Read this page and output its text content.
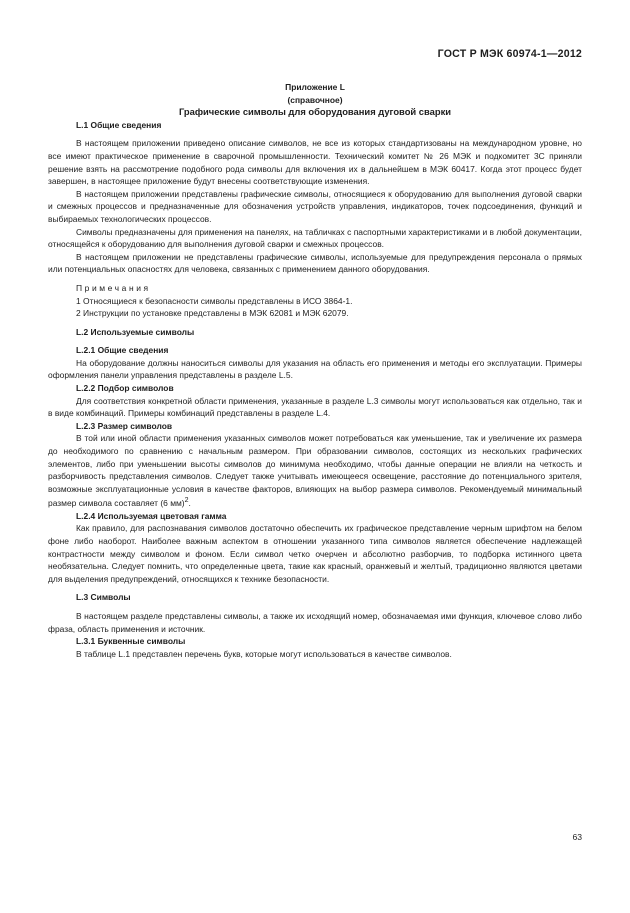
ГОСТ Р МЭК 60974-1—2012

Приложение L

(справочное)

Графические символы для оборудования дуговой сварки

L.1 Общие сведения

В настоящем приложении приведено описание символов, не все из которых стандартизованы на международном уровне, но все имеют практическое применение в сварочной промышленности. Технический комитет № 26 МЭК и подкомитет 3С приняли решение взять на рассмотрение подобного рода символы для включения их в дальнейшем в МЭК 60417. Когда этот процесс будет завершен, в настоящее приложение будут внесены соответствующие изменения.

В настоящем приложении представлены графические символы, относящиеся к оборудованию для выполнения дуговой сварки и смежных процессов и предназначенные для обозначения устройств управления, индикаторов, точек подсоединения, функций и выбираемых технологических процессов.

Символы предназначены для применения на панелях, на табличках с паспортными характеристиками и в любой документации, относящейся к оборудованию для выполнения дуговой сварки и смежных процессов.

В настоящем приложении не представлены графические символы, используемые для предупреждения персонала о прямых или потенциальных опасностях для человека, связанных с применением данного оборудования.

Примечания

1 Относящиеся к безопасности символы представлены в ИСО 3864-1.

2 Инструкции по установке представлены в МЭК 62081 и МЭК 62079.

L.2 Используемые символы

L.2.1 Общие сведения

На оборудование должны наноситься символы для указания на область его применения и методы его эксплуатации. Примеры оформления панели управления представлены в разделе L.5.

L.2.2 Подбор символов

Для соответствия конкретной области применения, указанные в разделе L.3 символы могут использоваться как отдельно, так и в виде комбинаций. Примеры комбинаций представлены в разделе L.4.

L.2.3 Размер символов

В той или иной области применения указанных символов может потребоваться как уменьшение, так и увеличение их размера до необходимого по сравнению с начальным размером. При образовании символов, состоящих из нескольких графических элементов, либо при уменьшении высоты символов до минимума необходимо, чтобы данные операции не влияли на четкость и разборчивость представления символов. Следует также учитывать имеющееся освещение, расстояние до потенциального зрителя, возможные эксплуатационные условия в качестве факторов, влияющих на выбор размера символов. Рекомендуемый минимальный размер символа составляет (6 мм)$^2$.

L.2.4 Используемая цветовая гамма

Как правило, для распознавания символов достаточно обеспечить их графическое представление черным шрифтом на белом фоне либо наоборот. Наиболее важным аспектом в отношении указанного типа символов является обеспечение надлежащей контрастности между символом и фоном. Если символ четко очерчен и абсолютно разборчив, то подборка истинного цвета необязательна. Следует помнить, что определенные цвета, такие как красный, оранжевый и желтый, традиционно являются цветами для выделения предупреждений, относящихся к технике безопасности.

L.3 Символы

В настоящем разделе представлены символы, а также их исходящий номер, обозначаемая ими функция, ключевое слово либо фраза, область применения и источник.

L.3.1 Буквенные символы

В таблице L.1 представлен перечень букв, которые могут использоваться в качестве символов.

63
